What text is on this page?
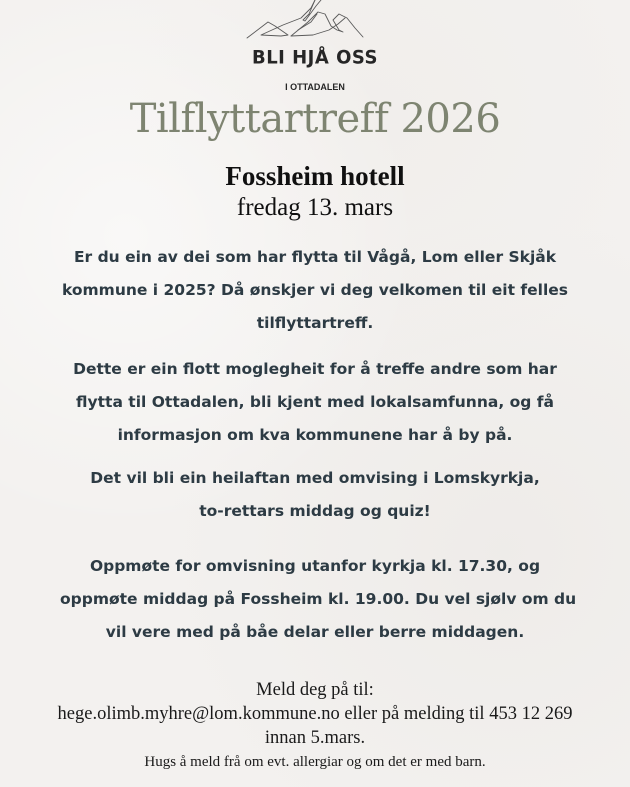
BLI HJÅ OSS
I OTTADALEN
Tilflyttartreff 2026
Fossheim hotell
fredag 13. mars
Er du ein av dei som har flytta til Vågå, Lom eller Skjåk
kommune i 2025? Då ønskjer vi deg velkomen til eit felles
tilflyttartreff.
Dette er ein flott moglegheit for å treffe andre som har
flytta til Ottadalen, bli kjent med lokalsamfunna, og få
informasjon om kva kommunene har å by på.
Det vil bli ein heilaftan med omvising i Lomskyrkja,
to-rettars middag og quiz!
Oppmøte for omvisning utanfor kyrkja kl. 17.30, og
oppmøte middag på Fossheim kl. 19.00. Du vel sjølv om du
vil vere med på båe delar eller berre middagen.
Meld deg på til:
hege.olimb.myhre@lom.kommune.no eller på melding til 453 12 269
innan 5.mars.
Hugs å meld frå om evt. allergiar og om det er med barn.
